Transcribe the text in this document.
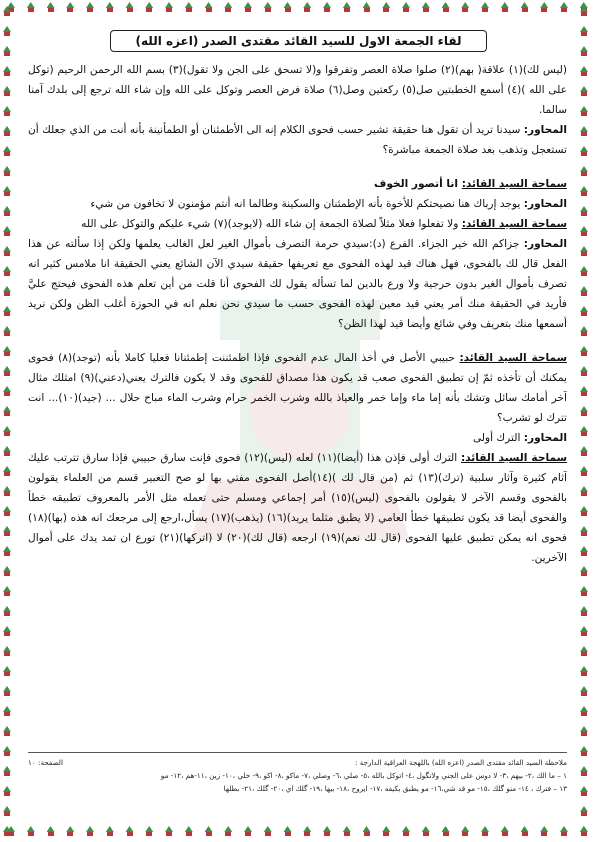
لقاء الجمعة الاول للسيد القائد مقتدى الصدر (اعزه الله)

(ليس لك)(١) علاقة( بهم)(٢) صلوا صلاة العصر وتفرقوا و(لا تسحق على الجن ولا تقول)(٣) بسم الله الرحمن الرحيم (توكل على الله )(٤) أسمع الخطبتين صل(٥) ركعتين وصل(٦) صلاة فرض العصر وتوكل على الله وإن شاء الله ترجع إلى بلدك آمنا سالما.

المحاور: سيدنا تريد أن تقول هنا حقيقة تشير حسب فحوى الكلام إنه الى الأطمئنان أو الطمأنينة بأنه أنت من الذي جعلك أن تستعجل وتذهب بعد صلاة الجمعة مباشرة؟

سماحة السيد القائد: انا أتصور الخوف

المحاور: يوجد إرباك هنا نصيحتكم للأخوة بأنه الإطمئنان والسكينة وطالما انه أنتم مؤمنون لا تخافون من شيء

سماحة السيد القائد: ولا تفعلوا فعلا مثلاً لصلاة الجمعة إن شاء الله (لايوجد)(٧) شيء عليكم والتوكل على الله

المحاور: جزاكم الله خير الجزاء. الفرع (د):سيدي حرمة التصرف بأموال الغير لعل الغالب يعلمها ولكن إذا سألته عن هذا الفعل قال لك بالفحوى، فهل هناك قيد لهذه الفحوى مع تعريفها حقيقة سيدي الآن الشائع يعني الحقيقة انا ملامس كثير انه تصرف بأموال الغير بدون حرجية ولا ورع بالدين لما تسأله يقول لك الفحوى أنا قلت من أين تعلم هذه الفحوى فيحتج عليَّ فأريد في الحقيقة منك أمر يعني قيد معين لهذه الفحوى حسب ما سيدي نحن نعلم انه في الحوزة أغلب الظن ولكن نريد أسمعها منك بتعريف وفي شائع وأيضا قيد لهذا الظن؟

سماحة السيد القائد: حبيبي الأصل في أخذ المال عدم الفحوى فإذا اطمئننت إطمئنانا فعليا كاملا بأنه (توجد)(٨) فحوى يمكنك أن تأخذه ثمّ إن تطبيق الفحوى صعب قد يكون هذا مصداق للفحوى وقد لا يكون فالترك يعني(دعني)(٩) امثلك مثال آخر أمامك سائل وتشك بأنه إما ماء وإما خمر والعياذ بالله وشرب الخمر حرام وشرب الماء مباح حلال ... (جيد)(١٠)... انت تترك لو تشرب؟

المحاور: الترك أولى

سماحة السيد القائد: الترك أولى فإذن هذا (أيضا)(١١) لعله (ليس)(١٢) فحوى فإنت سارق حبيبي فإذا سارق تترتب عليك آثام كثيرة وآثار سلبية (ترك)(١٣) ثم (من قال لك )(١٤)أصل الفحوى مفتي بها لو صح التعبير قسم من العلماء يقولون بالفحوى وقسم الآخر لا يقولون بالفحوى (ليس)(١٥) أمر إجماعي ومسلم حتى تعمله مثل الأمر بالمعروف تطبيقه خطأ والفحوى أيضا قد يكون تطبيقها خطأ العامي (لا يطبق مثلما يريد)(١٦) (يذهب)(١٧) يسأل،ارجع إلى مرجعك انه هذه (بها)(١٨) فحوى انه يمكن تطبيق عليها الفحوى (قال لك نعم)(١٩) ارجعه (قال لك)(٢٠) لا (اتركها)(٢١) تورع ان تمد يدك على أموال الآخرين.

ملاحظة السيد القائد مقتدى الصدر (اعزه الله) باللهجة العراقية الدارجة :
الصفحة: ١٠
١ – ما الك ،٢- بيهم ،٣- لا دوس على الجني ولاتگول ،٤- اتوكل بالله ،٥- صلي ،٦- وصلي ،٧- ماكو ،٨- اكو ،٩- خلي ،١٠- زين ،١١-هم ،١٢- مو
١٣ – فترك ، ١٤- منو گلك ،١٥- مو قد شي،١٦- مو يطبق بكيفه ،١٧- ايروح ،١٨- بيها ،١٩- گلك اي ،٢٠- گلك ،٢١- بطلها
